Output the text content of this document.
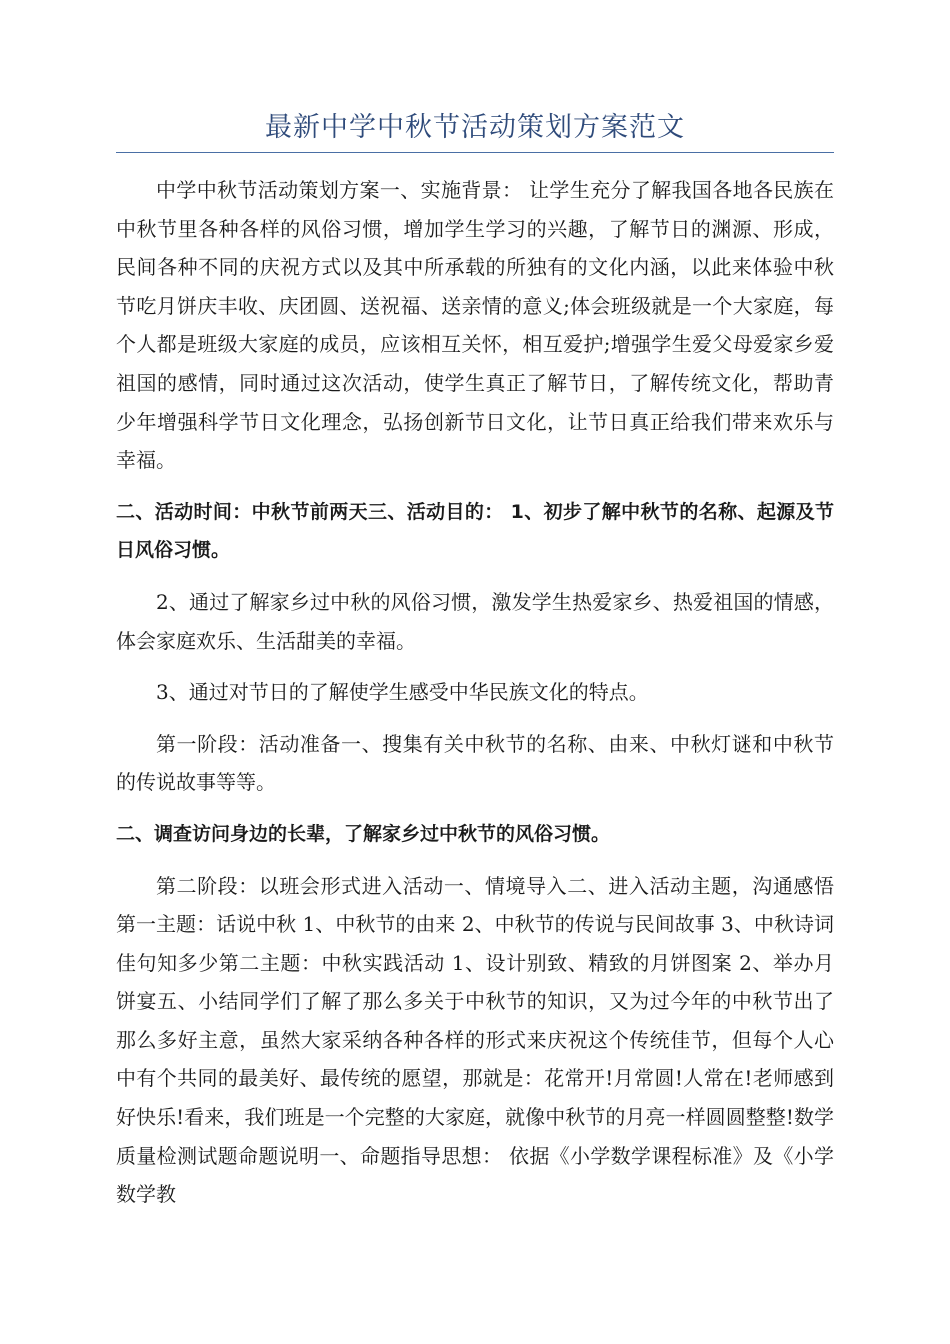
最新中学中秋节活动策划方案范文

中学中秋节活动策划方案一、实施背景： 让学生充分了解我国各地各民族在中秋节里各种各样的风俗习惯，增加学生学习的兴趣，了解节日的渊源、形成，民间各种不同的庆祝方式以及其中所承载的所独有的文化内涵，以此来体验中秋节吃月饼庆丰收、庆团圆、送祝福、送亲情的意义;体会班级就是一个大家庭，每个人都是班级大家庭的成员，应该相互关怀，相互爱护;增强学生爱父母爱家乡爱祖国的感情，同时通过这次活动，使学生真正了解节日，了解传统文化，帮助青少年增强科学节日文化理念，弘扬创新节日文化，让节日真正给我们带来欢乐与幸福。

二、活动时间：中秋节前两天三、活动目的： 1、初步了解中秋节的名称、起源及节日风俗习惯。

2、通过了解家乡过中秋的风俗习惯，激发学生热爱家乡、热爱祖国的情感，体会家庭欢乐、生活甜美的幸福。

3、通过对节日的了解使学生感受中华民族文化的特点。

第一阶段：活动准备一、搜集有关中秋节的名称、由来、中秋灯谜和中秋节的传说故事等等。

二、调查访问身边的长辈，了解家乡过中秋节的风俗习惯。

第二阶段：以班会形式进入活动一、情境导入二、进入活动主题，沟通感悟第一主题：话说中秋 1、中秋节的由来 2、中秋节的传说与民间故事 3、中秋诗词佳句知多少第二主题：中秋实践活动 1、设计别致、精致的月饼图案 2、举办月饼宴五、小结同学们了解了那么多关于中秋节的知识，又为过今年的中秋节出了那么多好主意，虽然大家采纳各种各样的形式来庆祝这个传统佳节，但每个人心中有个共同的最美好、最传统的愿望，那就是：花常开!月常圆!人常在!老师感到好快乐!看来，我们班是一个完整的大家庭，就像中秋节的月亮一样圆圆整整!数学质量检测试题命题说明一、命题指导思想： 依据《小学数学课程标准》及《小学数学教
